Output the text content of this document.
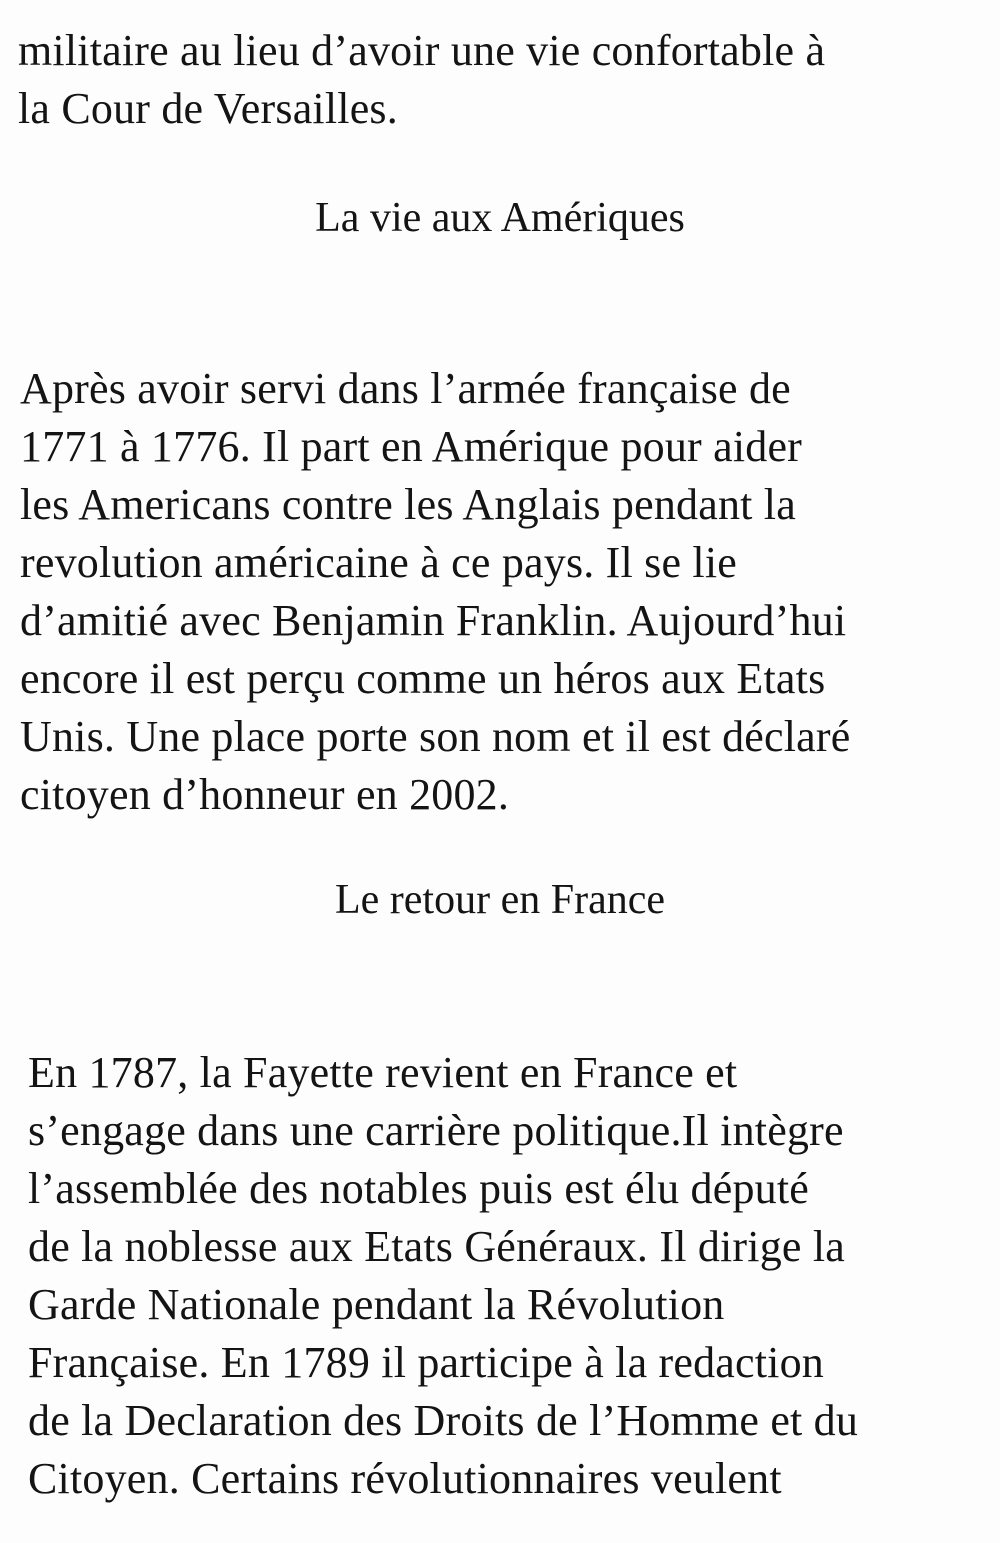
militaire au lieu d’avoir une vie confortable à
la Cour de Versailles.
La vie aux Amériques
Après avoir servi dans l’armée française de
1771 à 1776. Il part en Amérique pour aider
les Americans contre les Anglais pendant la
revolution américaine à ce pays. Il se lie
d’amitié avec Benjamin Franklin. Aujourd’hui
encore il est perçu comme un héros aux Etats
Unis. Une place porte son nom et il est déclaré
citoyen d’honneur en 2002.
Le retour en France
En 1787, la Fayette revient en France et
s’engage dans une carrière politique.Il intègre
l’assemblée des notables puis est élu député
de la noblesse aux Etats Généraux. Il dirige la
Garde Nationale pendant la Révolution
Française. En 1789 il participe à la redaction
de la Declaration des Droits de l’Homme et du
Citoyen. Certains révolutionnaires veulent
